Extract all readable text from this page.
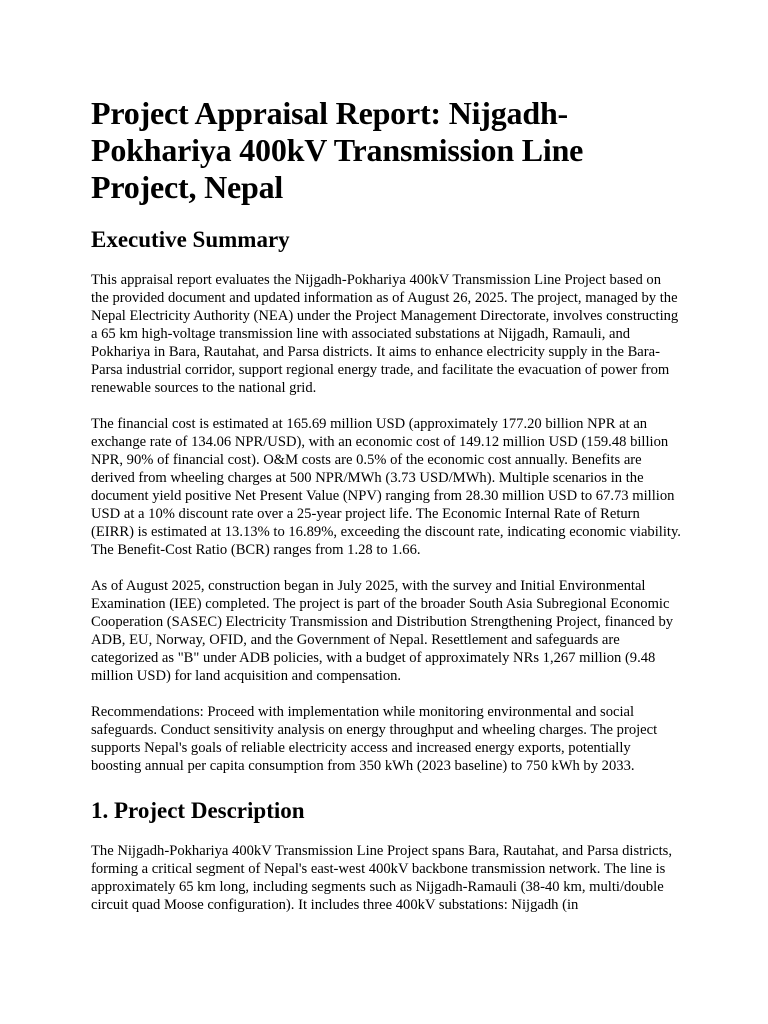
Project Appraisal Report: Nijgadh-Pokhariya 400kV Transmission Line Project, Nepal
Executive Summary

This appraisal report evaluates the Nijgadh-Pokhariya 400kV Transmission Line Project based on the provided document and updated information as of August 26, 2025. The project, managed by the Nepal Electricity Authority (NEA) under the Project Management Directorate, involves constructing a 65 km high-voltage transmission line with associated substations at Nijgadh, Ramauli, and Pokhariya in Bara, Rautahat, and Parsa districts. It aims to enhance electricity supply in the Bara-Parsa industrial corridor, support regional energy trade, and facilitate the evacuation of power from renewable sources to the national grid.

The financial cost is estimated at 165.69 million USD (approximately 177.20 billion NPR at an exchange rate of 134.06 NPR/USD), with an economic cost of 149.12 million USD (159.48 billion NPR, 90% of financial cost). O&M costs are 0.5% of the economic cost annually. Benefits are derived from wheeling charges at 500 NPR/MWh (3.73 USD/MWh). Multiple scenarios in the document yield positive Net Present Value (NPV) ranging from 28.30 million USD to 67.73 million USD at a 10% discount rate over a 25-year project life. The Economic Internal Rate of Return (EIRR) is estimated at 13.13% to 16.89%, exceeding the discount rate, indicating economic viability. The Benefit-Cost Ratio (BCR) ranges from 1.28 to 1.66.

As of August 2025, construction began in July 2025, with the survey and Initial Environmental Examination (IEE) completed. The project is part of the broader South Asia Subregional Economic Cooperation (SASEC) Electricity Transmission and Distribution Strengthening Project, financed by ADB, EU, Norway, OFID, and the Government of Nepal. Resettlement and safeguards are categorized as "B" under ADB policies, with a budget of approximately NRs 1,267 million (9.48 million USD) for land acquisition and compensation.

Recommendations: Proceed with implementation while monitoring environmental and social safeguards. Conduct sensitivity analysis on energy throughput and wheeling charges. The project supports Nepal's goals of reliable electricity access and increased energy exports, potentially boosting annual per capita consumption from 350 kWh (2023 baseline) to 750 kWh by 2033.

1. Project Description

The Nijgadh-Pokhariya 400kV Transmission Line Project spans Bara, Rautahat, and Parsa districts, forming a critical segment of Nepal's east-west 400kV backbone transmission network. The line is approximately 65 km long, including segments such as Nijgadh-Ramauli (38-40 km, multi/double circuit quad Moose configuration). It includes three 400kV substations: Nijgadh (in
